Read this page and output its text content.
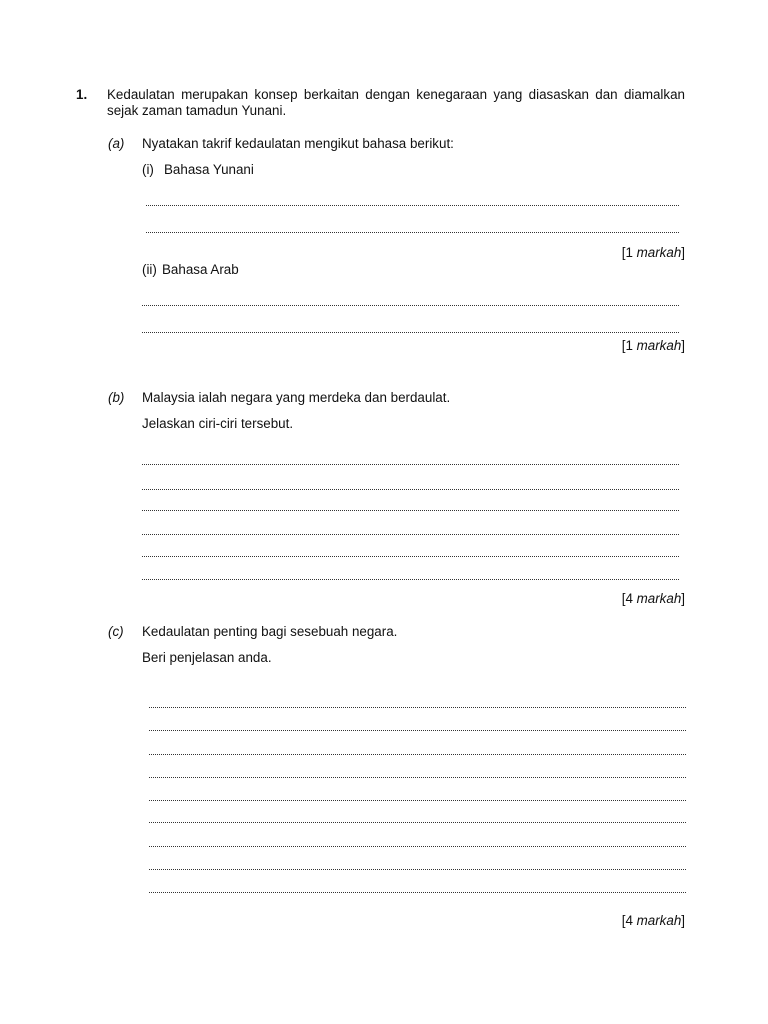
1. Kedaulatan merupakan konsep berkaitan dengan kenegaraan yang diasaskan dan diamalkan sejak zaman tamadun Yunani.
(a) Nyatakan takrif kedaulatan mengikut bahasa berikut:
(i) Bahasa Yunani
[1 markah]
(ii) Bahasa Arab
[1 markah]
(b) Malaysia ialah negara yang merdeka dan berdaulat.
Jelaskan ciri-ciri tersebut.
[4 markah]
(c) Kedaulatan penting bagi sesebuah negara.
Beri penjelasan anda.
[4 markah]
